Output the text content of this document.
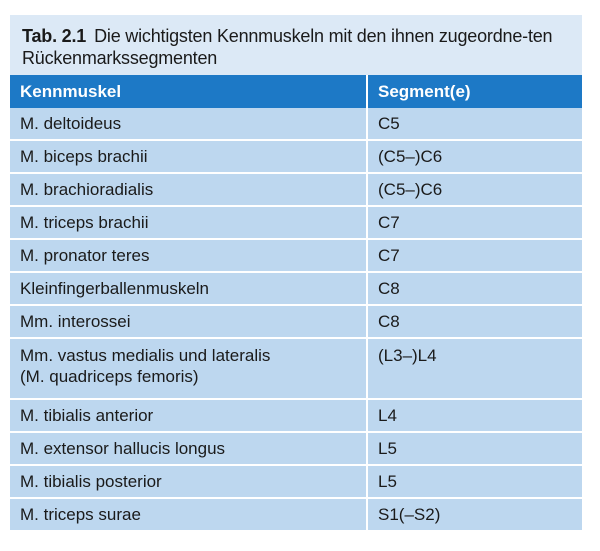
Tab. 2.1 Die wichtigsten Kennmuskeln mit den ihnen zugeordne-ten Rückenmarkssegmenten
Kennmuskel	Segment(e)
M. deltoideus	C5
M. biceps brachii	(C5–)C6
M. brachioradialis	(C5–)C6
M. triceps brachii	C7
M. pronator teres	C7
Kleinfingerballenmuskeln	C8
Mm. interossei	C8
Mm. vastus medialis und lateralis
(M. quadriceps femoris)	(L3–)L4
M. tibialis anterior	L4
M. extensor hallucis longus	L5
M. tibialis posterior	L5
M. triceps surae	S1(–S2)
